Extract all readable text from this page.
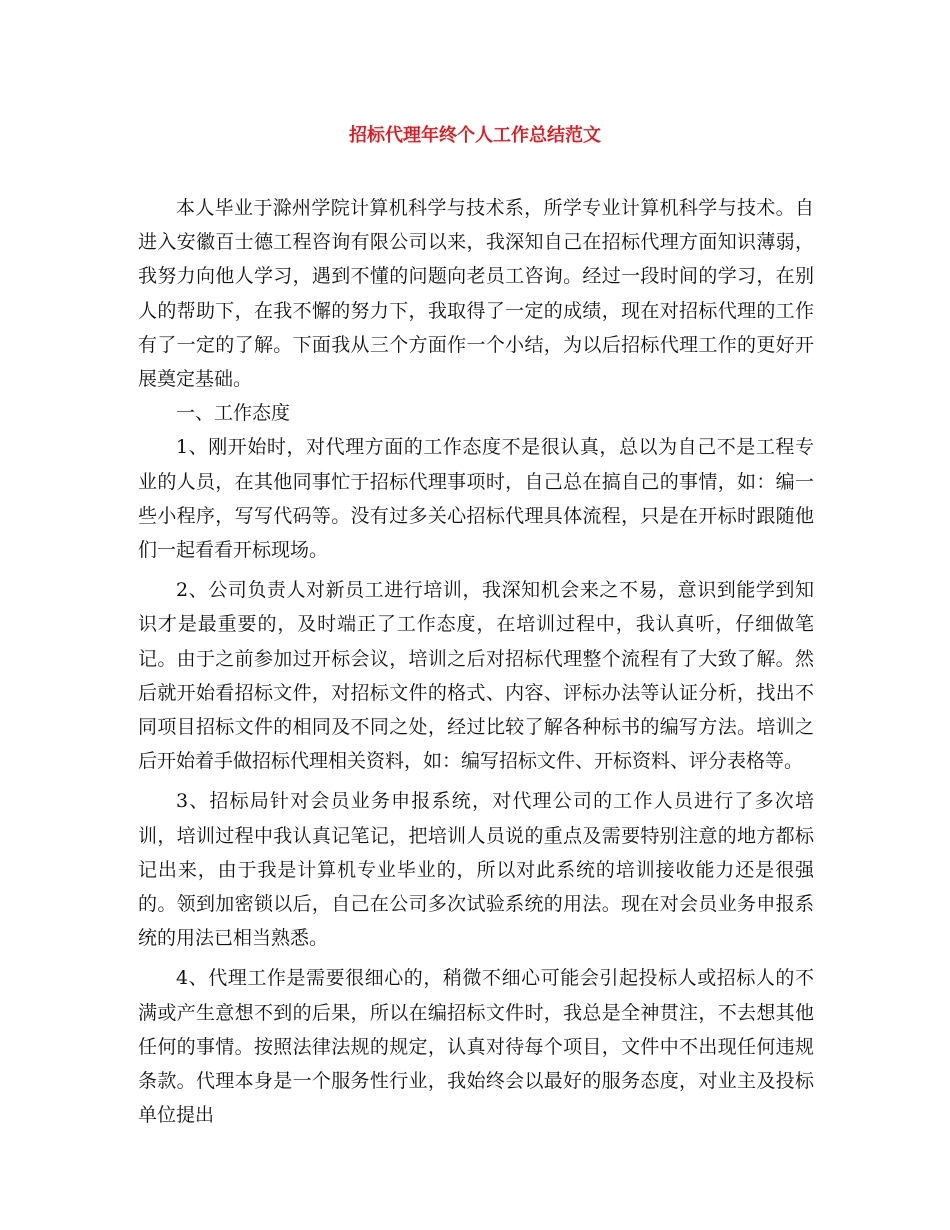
招标代理年终个人工作总结范文

本人毕业于滁州学院计算机科学与技术系，所学专业计算机科学与技术。自进入安徽百士德工程咨询有限公司以来，我深知自己在招标代理方面知识薄弱，我努力向他人学习，遇到不懂的问题向老员工咨询。经过一段时间的学习，在别人的帮助下，在我不懈的努力下，我取得了一定的成绩，现在对招标代理的工作有了一定的了解。下面我从三个方面作一个小结，为以后招标代理工作的更好开展奠定基础。

一、工作态度

1、刚开始时，对代理方面的工作态度不是很认真，总以为自己不是工程专业的人员，在其他同事忙于招标代理事项时，自己总在搞自己的事情，如：编一些小程序，写写代码等。没有过多关心招标代理具体流程，只是在开标时跟随他们一起看看开标现场。

2、公司负责人对新员工进行培训，我深知机会来之不易，意识到能学到知识才是最重要的，及时端正了工作态度，在培训过程中，我认真听，仔细做笔记。由于之前参加过开标会议，培训之后对招标代理整个流程有了大致了解。然后就开始看招标文件，对招标文件的格式、内容、评标办法等认证分析，找出不同项目招标文件的相同及不同之处，经过比较了解各种标书的编写方法。培训之后开始着手做招标代理相关资料，如：编写招标文件、开标资料、评分表格等。

3、招标局针对会员业务申报系统，对代理公司的工作人员进行了多次培训，培训过程中我认真记笔记，把培训人员说的重点及需要特别注意的地方都标记出来，由于我是计算机专业毕业的，所以对此系统的培训接收能力还是很强的。领到加密锁以后，自己在公司多次试验系统的用法。现在对会员业务申报系统的用法已相当熟悉。

4、代理工作是需要很细心的，稍微不细心可能会引起投标人或招标人的不满或产生意想不到的后果，所以在编招标文件时，我总是全神贯注，不去想其他任何的事情。按照法律法规的规定，认真对待每个项目，文件中不出现任何违规条款。代理本身是一个服务性行业，我始终会以最好的服务态度，对业主及投标单位提出
